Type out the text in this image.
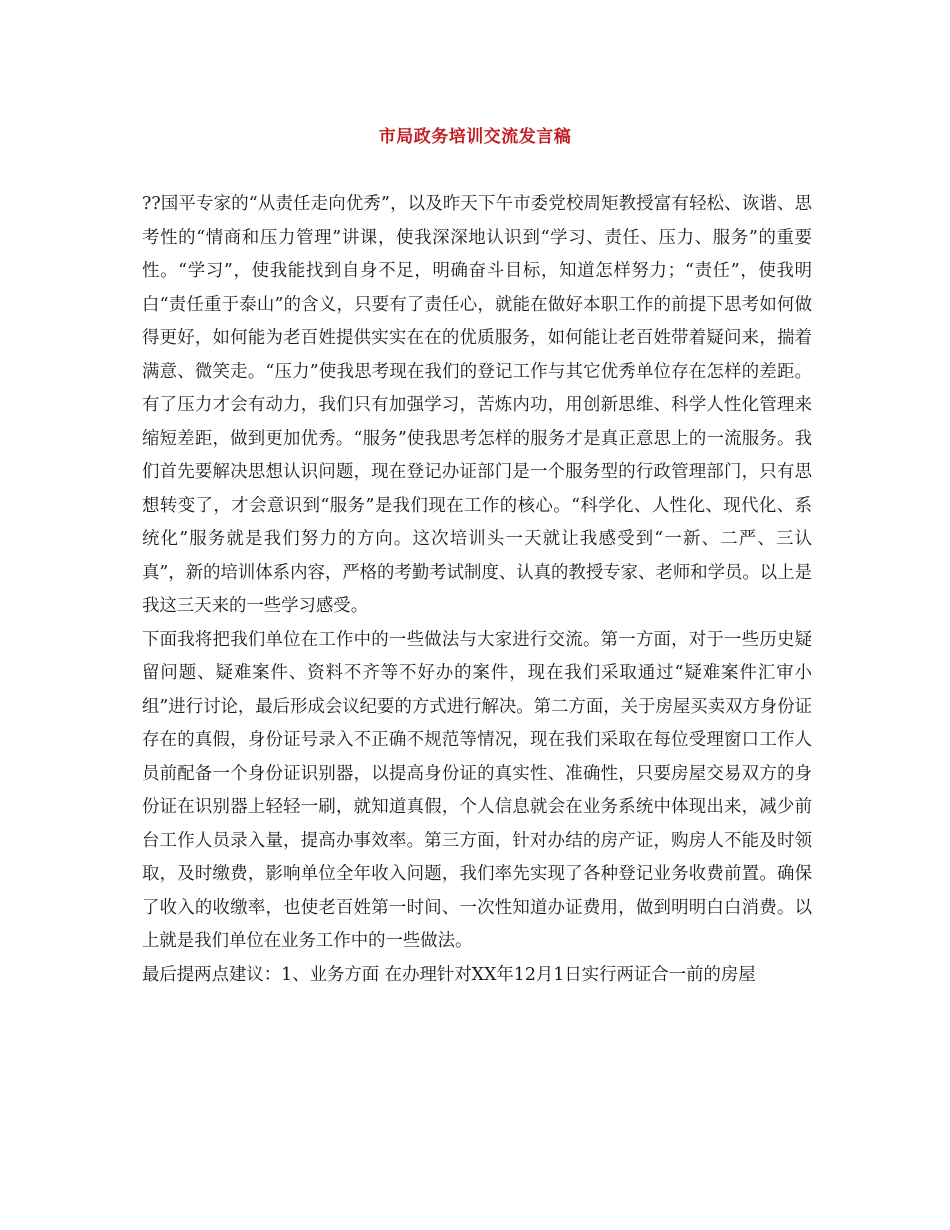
市局政务培训交流发言稿

??国平专家的“从责任走向优秀”，以及昨天下午市委党校周矩教授富有轻松、诙谐、思考性的“情商和压力管理”讲课，使我深深地认识到“学习、责任、压力、服务”的重要性。“学习”，使我能找到自身不足，明确奋斗目标，知道怎样努力；“责任”，使我明白“责任重于泰山”的含义，只要有了责任心，就能在做好本职工作的前提下思考如何做得更好，如何能为老百姓提供实实在在的优质服务，如何能让老百姓带着疑问来，揣着满意、微笑走。“压力”使我思考现在我们的登记工作与其它优秀单位存在怎样的差距。有了压力才会有动力，我们只有加强学习，苦炼内功，用创新思维、科学人性化管理来缩短差距，做到更加优秀。“服务”使我思考怎样的服务才是真正意思上的一流服务。我们首先要解决思想认识问题，现在登记办证部门是一个服务型的行政管理部门，只有思想转变了，才会意识到“服务”是我们现在工作的核心。“科学化、人性化、现代化、系统化”服务就是我们努力的方向。这次培训头一天就让我感受到“一新、二严、三认真”，新的培训体系内容，严格的考勤考试制度、认真的教授专家、老师和学员。以上是我这三天来的一些学习感受。

下面我将把我们单位在工作中的一些做法与大家进行交流。第一方面，对于一些历史疑留问题、疑难案件、资料不齐等不好办的案件，现在我们采取通过“疑难案件汇审小组”进行讨论，最后形成会议纪要的方式进行解决。第二方面，关于房屋买卖双方身份证存在的真假，身份证号录入不正确不规范等情况，现在我们采取在每位受理窗口工作人员前配备一个身份证识别器，以提高身份证的真实性、准确性，只要房屋交易双方的身份证在识别器上轻轻一刷，就知道真假，个人信息就会在业务系统中体现出来，减少前台工作人员录入量，提高办事效率。第三方面，针对办结的房产证，购房人不能及时领取，及时缴费，影响单位全年收入问题，我们率先实现了各种登记业务收费前置。确保了收入的收缴率，也使老百姓第一时间、一次性知道办证费用，做到明明白白消费。以上就是我们单位在业务工作中的一些做法。

最后提两点建议：1、业务方面 在办理针对XX年12月1日实行两证合一前的房屋
